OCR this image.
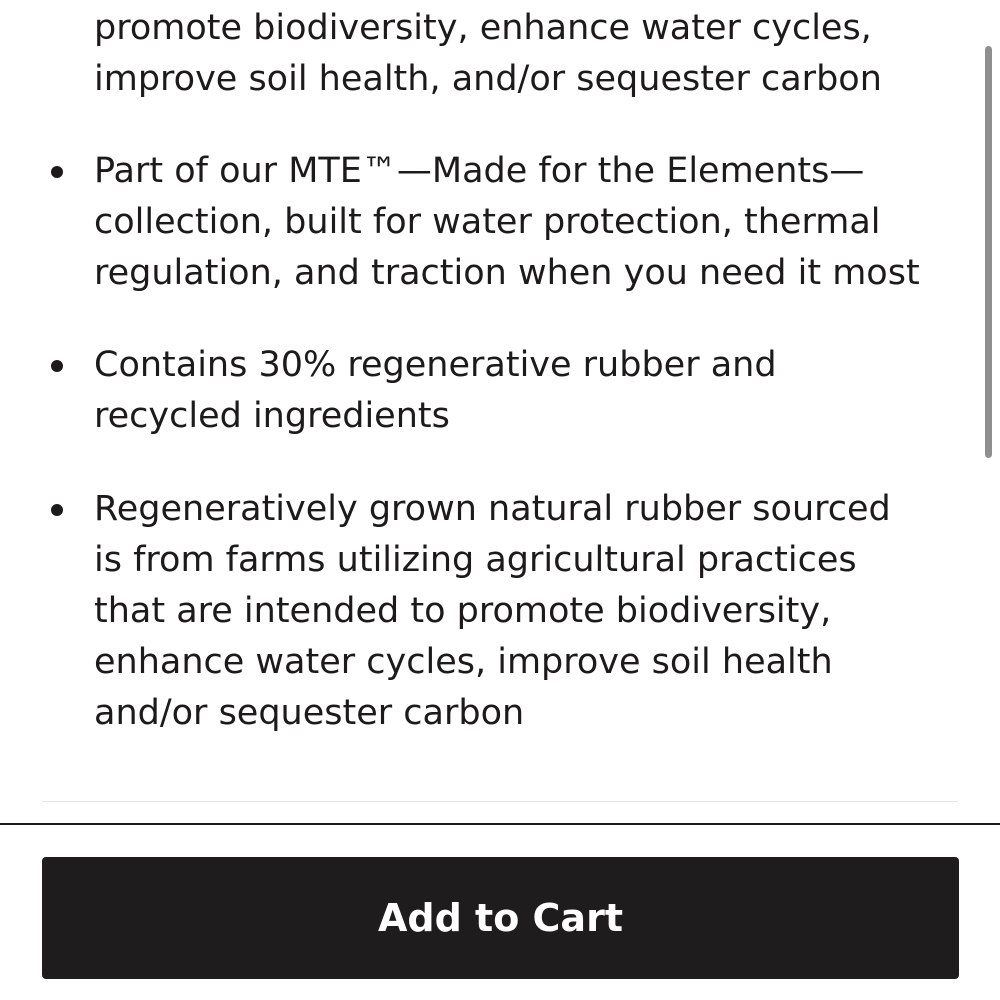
promote biodiversity, enhance water cycles,
improve soil health, and/or sequester carbon
Part of our MTE™—Made for the Elements—
collection, built for water protection, thermal
regulation, and traction when you need it most
Contains 30% regenerative rubber and
recycled ingredients
Regeneratively grown natural rubber sourced
is from farms utilizing agricultural practices
that are intended to promote biodiversity,
enhance water cycles, improve soil health
and/or sequester carbon
Add to Cart
